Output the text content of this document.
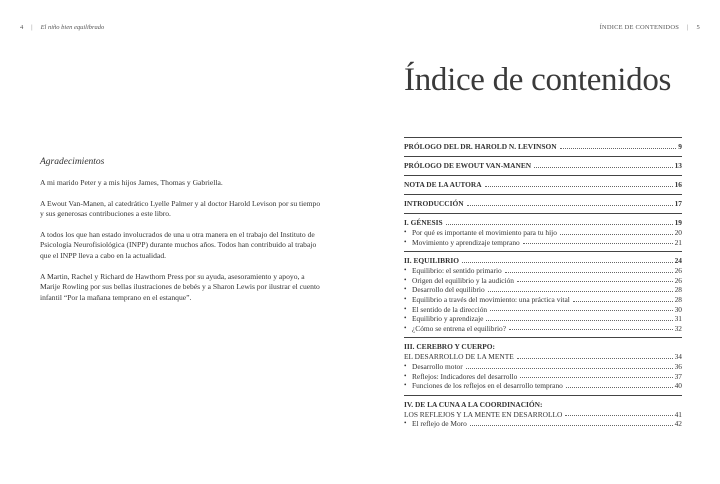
4 | El niño bien equilibrado
Agradecimientos

A mi marido Peter y a mis hijos James, Thomas y Gabriella.

A Ewout Van-Manen, al catedrático Lyelle Palmer y al doctor Harold Levison por su tiempo y sus generosas contribuciones a este libro.

A todos los que han estado involucrados de una u otra manera en el trabajo del Instituto de Psicología Neurofisiológica (INPP) durante muchos años. Todos han contribuido al trabajo que el INPP lleva a cabo en la actualidad.

A Martin, Rachel y Richard de Hawthorn Press por su ayuda, asesoramiento y apoyo, a Marije Rowling por sus bellas ilustraciones de bebés y a Sharon Lewis por ilustrar el cuento infantil “Por la mañana temprano en el estanque”.

ÍNDICE DE CONTENIDOS | 5
Índice de contenidos
PRÓLOGO DEL DR. HAROLD N. LEVINSON	9
PRÓLOGO DE EWOUT VAN-MANEN	13
NOTA DE LA AUTORA	16
INTRODUCCIÓN	17
I. GÉNESIS	19
• Por qué es importante el movimiento para tu hijo	20
• Movimiento y aprendizaje temprano	21
II. EQUILIBRIO	24
• Equilibrio: el sentido primario	26
• Origen del equilibrio y la audición	26
• Desarrollo del equilibrio	28
• Equilibrio a través del movimiento: una práctica vital	28
• El sentido de la dirección	30
• Equilibrio y aprendizaje	31
• ¿Cómo se entrena el equilibrio?	32
III. CEREBRO Y CUERPO:
EL DESARROLLO DE LA MENTE	34
• Desarrollo motor	36
• Reflejos: Indicadores del desarrollo	37
• Funciones de los reflejos en el desarrollo temprano	40
IV. DE LA CUNA A LA COORDINACIÓN:
LOS REFLEJOS Y LA MENTE EN DESARROLLO	41
• El reflejo de Moro	42
